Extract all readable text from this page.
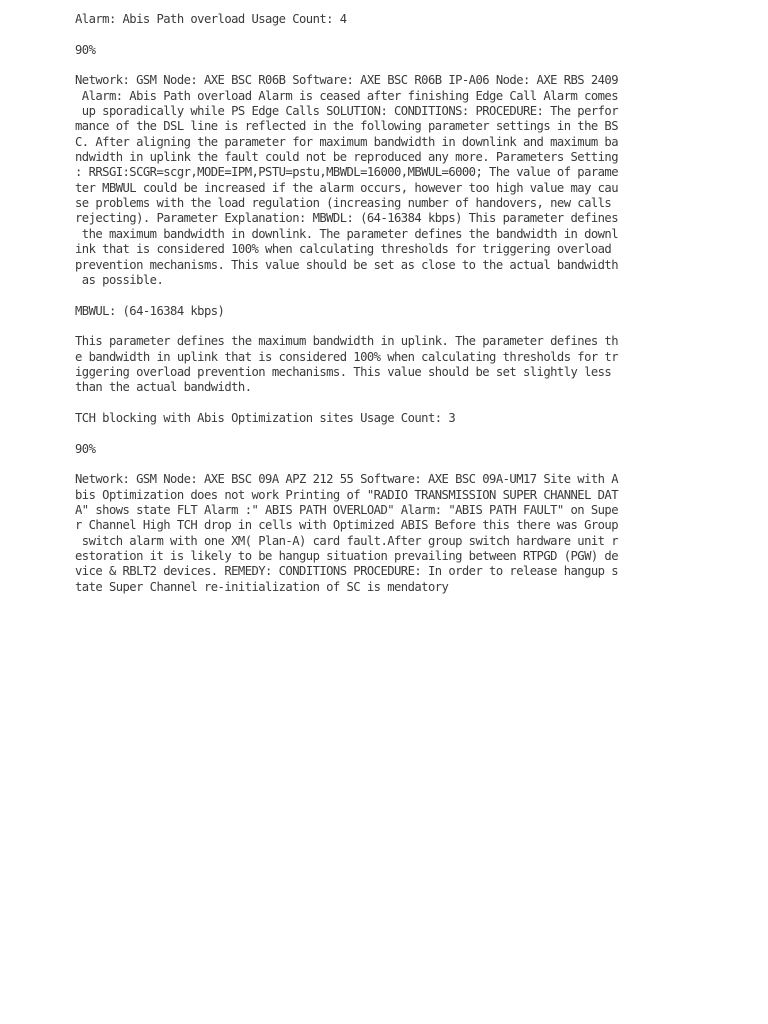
Alarm: Abis Path overload Usage Count: 4
90%
Network: GSM Node: AXE BSC R06B Software: AXE BSC R06B IP-A06 Node: AXE RBS 2409
Alarm: Abis Path overload Alarm is ceased after finishing Edge Call Alarm comes
up sporadically while PS Edge Calls SOLUTION: CONDITIONS: PROCEDURE: The perfor
mance of the DSL line is reflected in the following parameter settings in the BS
C. After aligning the parameter for maximum bandwidth in downlink and maximum ba
ndwidth in uplink the fault could not be reproduced any more. Parameters Setting
: RRSGI:SCGR=scgr,MODE=IPM,PSTU=pstu,MBWDL=16000,MBWUL=6000; The value of parame
ter MBWUL could be increased if the alarm occurs, however too high value may cau
se problems with the load regulation (increasing number of handovers, new calls
rejecting). Parameter Explanation: MBWDL: (64-16384 kbps) This parameter defines
the maximum bandwidth in downlink. The parameter defines the bandwidth in downl
ink that is considered 100% when calculating thresholds for triggering overload
prevention mechanisms. This value should be set as close to the actual bandwidth
as possible.
MBWUL: (64-16384 kbps)
This parameter defines the maximum bandwidth in uplink. The parameter defines th
e bandwidth in uplink that is considered 100% when calculating thresholds for tr
iggering overload prevention mechanisms. This value should be set slightly less
than the actual bandwidth.
TCH blocking with Abis Optimization sites Usage Count: 3
90%
Network: GSM Node: AXE BSC 09A APZ 212 55 Software: AXE BSC 09A-UM17 Site with A
bis Optimization does not work Printing of "RADIO TRANSMISSION SUPER CHANNEL DAT
A" shows state FLT Alarm :" ABIS PATH OVERLOAD" Alarm: "ABIS PATH FAULT" on Supe
r Channel High TCH drop in cells with Optimized ABIS Before this there was Group
switch alarm with one XM( Plan-A) card fault.After group switch hardware unit r
estoration it is likely to be hangup situation prevailing between RTPGD (PGW) de
vice & RBLT2 devices. REMEDY: CONDITIONS PROCEDURE: In order to release hangup s
tate Super Channel re-initialization of SC is mendatory
